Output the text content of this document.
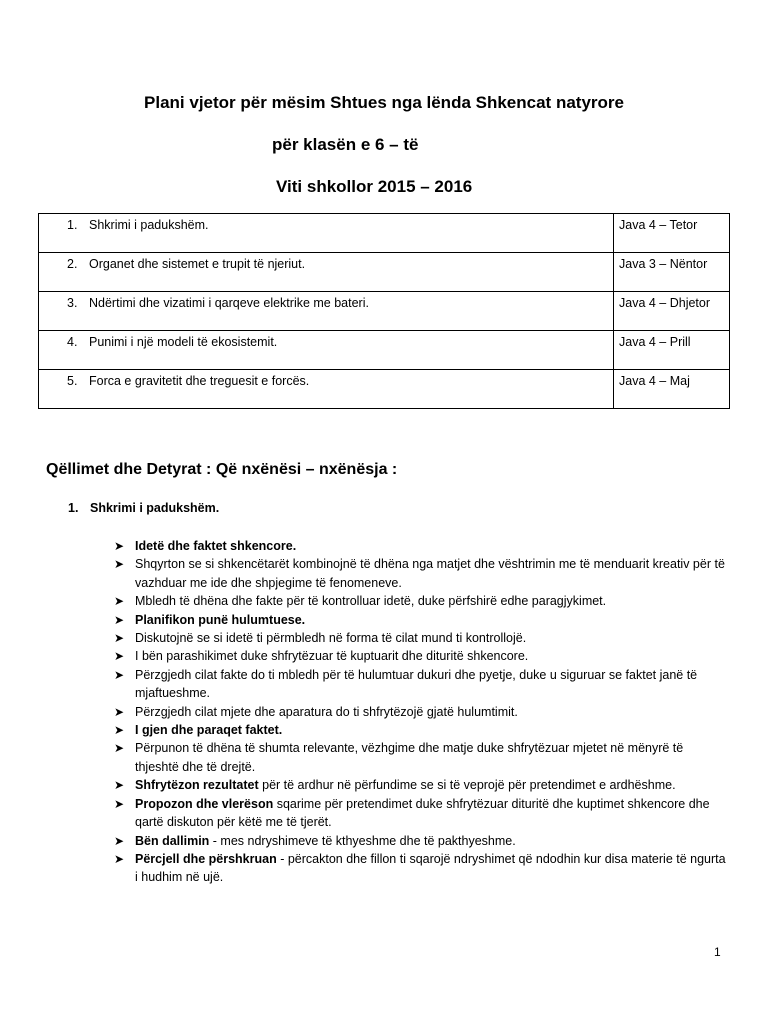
Plani vjetor për mësim Shtues nga lënda Shkencat natyrore
për klasën e 6 – të
Viti shkollor 2015 – 2016
1. Shkrimi i padukshëm.	Java 4 – Tetor
2. Organet dhe sistemet e trupit të njeriut.	Java 3 – Nëntor
3. Ndërtimi dhe vizatimi i qarqeve elektrike me bateri.	Java 4 – Dhjetor
4. Punimi i një modeli të ekosistemit.	Java 4 – Prill
5. Forca e gravitetit dhe treguesit e forcës.	Java 4 – Maj
Qëllimet dhe Detyrat : Që nxënësi – nxënësja :
1. Shkrimi i padukshëm.
➤ Idetë dhe faktet shkencore.
➤ Shqyrton se si shkencëtarët kombinojnë të dhëna nga matjet dhe vështrimin me të menduarit kreativ për të vazhduar me ide dhe shpjegime të fenomeneve.
➤ Mbledh të dhëna dhe fakte për të kontrolluar idetë, duke përfshirë edhe paragjykimet.
➤ Planifikon punë hulumtuese.
➤ Diskutojnë se si idetë ti përmbledh në forma të cilat mund ti kontrollojë.
➤ I bën parashikimet duke shfrytëzuar të kuptuarit dhe dituritë shkencore.
➤ Përzgjedh cilat fakte do ti mbledh për të hulumtuar dukuri dhe pyetje, duke u siguruar se faktet janë të mjaftueshme.
➤ Përzgjedh cilat mjete dhe aparatura do ti shfrytëzojë gjatë hulumtimit.
➤ I gjen dhe paraqet faktet.
➤ Përpunon të dhëna të shumta relevante, vëzhgime dhe matje duke shfrytëzuar mjetet në mënyrë të thjeshtë dhe të drejtë.
➤ Shfrytëzon rezultatet për të ardhur në përfundime se si të veprojë për pretendimet e ardhëshme.
➤ Propozon dhe vlerëson sqarime për pretendimet duke shfrytëzuar dituritë dhe kuptimet shkencore dhe qartë diskuton për këtë me të tjerët.
➤ Bën dallimin - mes ndryshimeve të kthyeshme dhe të pakthyeshme.
➤ Përcjell dhe përshkruan - përcakton dhe fillon ti sqarojë ndryshimet që ndodhin kur disa materie të ngurta i hudhim në ujë.
1
